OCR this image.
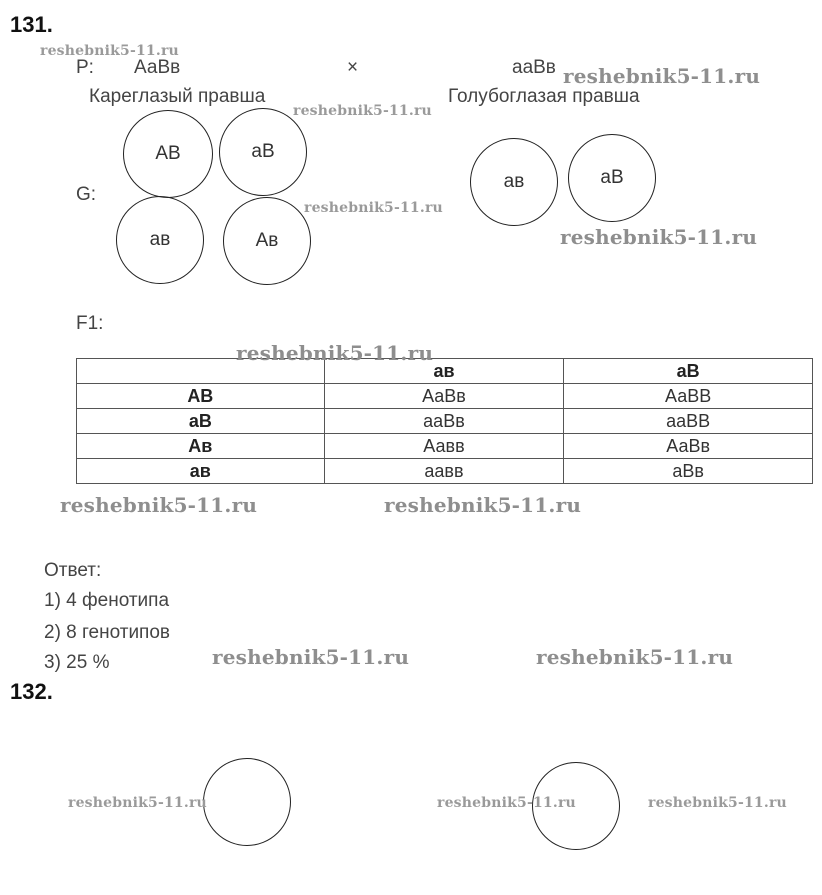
131.
P: АаВв	×	ааВв
Кареглазый правша	Голубоглазая правша
G:
АВ	аВ
ав	Ав
ав	аВ
F1:
	ав	аВ
АВ	АаВв	АаВВ
аВ	ааВв	ааВВ
Ав	Аавв	АаВв
ав	аавв	аВв
Ответ:
1) 4 фенотипа
2) 8 генотипов
3) 25 %
132.
reshebnik5-11.ru
reshebnik5-11.ru
reshebnik5-11.ru
reshebnik5-11.ru
reshebnik5-11.ru
reshebnik5-11.ru
reshebnik5-11.ru	reshebnik5-11.ru
reshebnik5-11.ru	reshebnik5-11.ru
reshebnik5-11.ru	reshebnik5-11.ru	reshebnik5-11.ru
